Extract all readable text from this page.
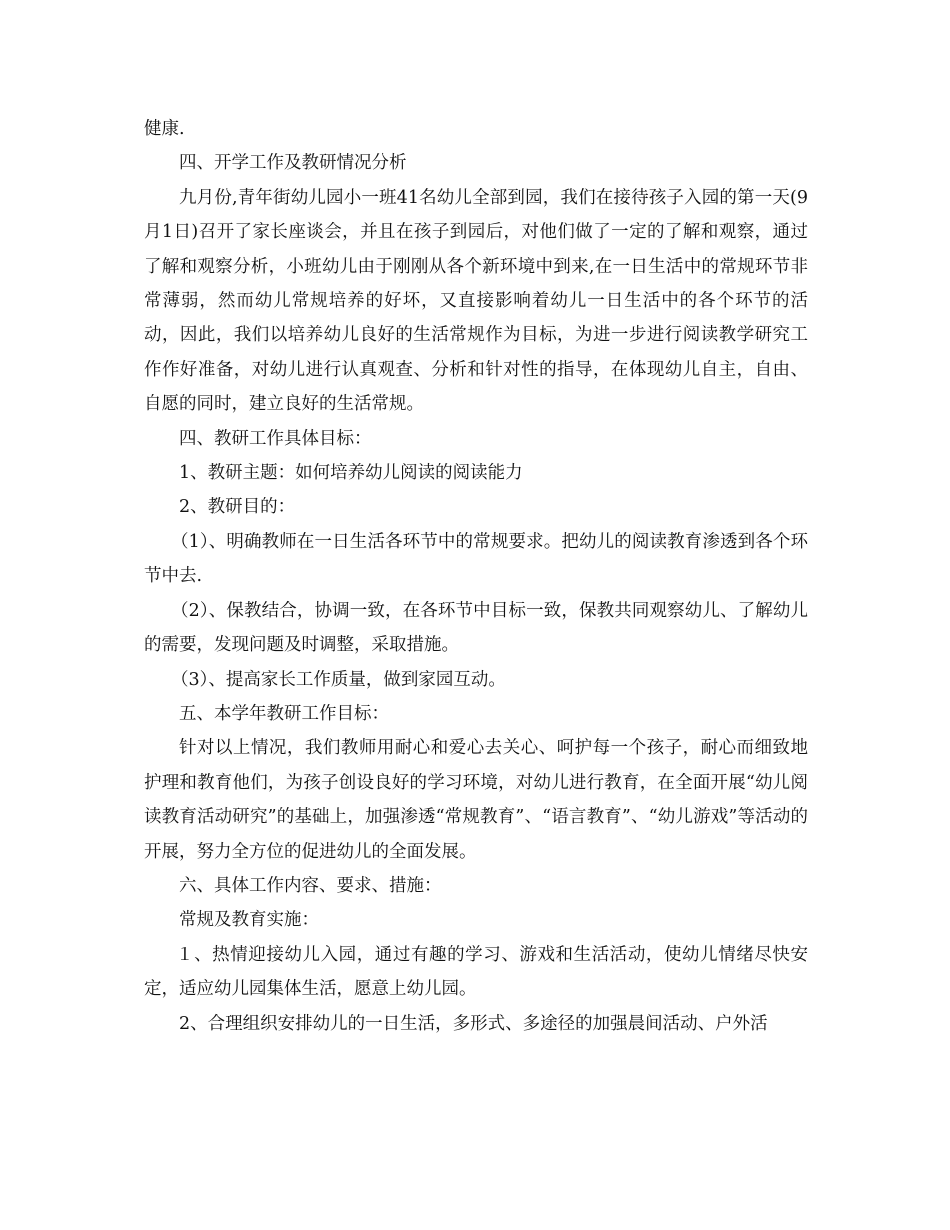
健康.

四、开学工作及教研情况分析

九月份,青年街幼儿园小一班41名幼儿全部到园，我们在接待孩子入园的第一天(9月1日)召开了家长座谈会，并且在孩子到园后，对他们做了一定的了解和观察，通过了解和观察分析，小班幼儿由于刚刚从各个新环境中到来,在一日生活中的常规环节非常薄弱，然而幼儿常规培养的好坏，又直接影响着幼儿一日生活中的各个环节的活动，因此，我们以培养幼儿良好的生活常规作为目标，为进一步进行阅读教学研究工作作好准备，对幼儿进行认真观查、分析和针对性的指导，在体现幼儿自主，自由、自愿的同时，建立良好的生活常规。

四、教研工作具体目标：

1、教研主题：如何培养幼儿阅读的阅读能力

2、教研目的：

（1）、明确教师在一日生活各环节中的常规要求。把幼儿的阅读教育渗透到各个环节中去.

（2）、保教结合，协调一致，在各环节中目标一致，保教共同观察幼儿、了解幼儿的需要，发现问题及时调整，采取措施。

（3）、提高家长工作质量，做到家园互动。

五、本学年教研工作目标：

针对以上情况，我们教师用耐心和爱心去关心、呵护每一个孩子，耐心而细致地护理和教育他们，为孩子创设良好的学习环境，对幼儿进行教育，在全面开展“幼儿阅读教育活动研究”的基础上，加强渗透“常规教育”、“语言教育”、“幼儿游戏”等活动的开展，努力全方位的促进幼儿的全面发展。

六、具体工作内容、要求、措施：

常规及教育实施：

１、热情迎接幼儿入园，通过有趣的学习、游戏和生活活动，使幼儿情绪尽快安定，适应幼儿园集体生活，愿意上幼儿园。

2、合理组织安排幼儿的一日生活，多形式、多途径的加强晨间活动、户外活
